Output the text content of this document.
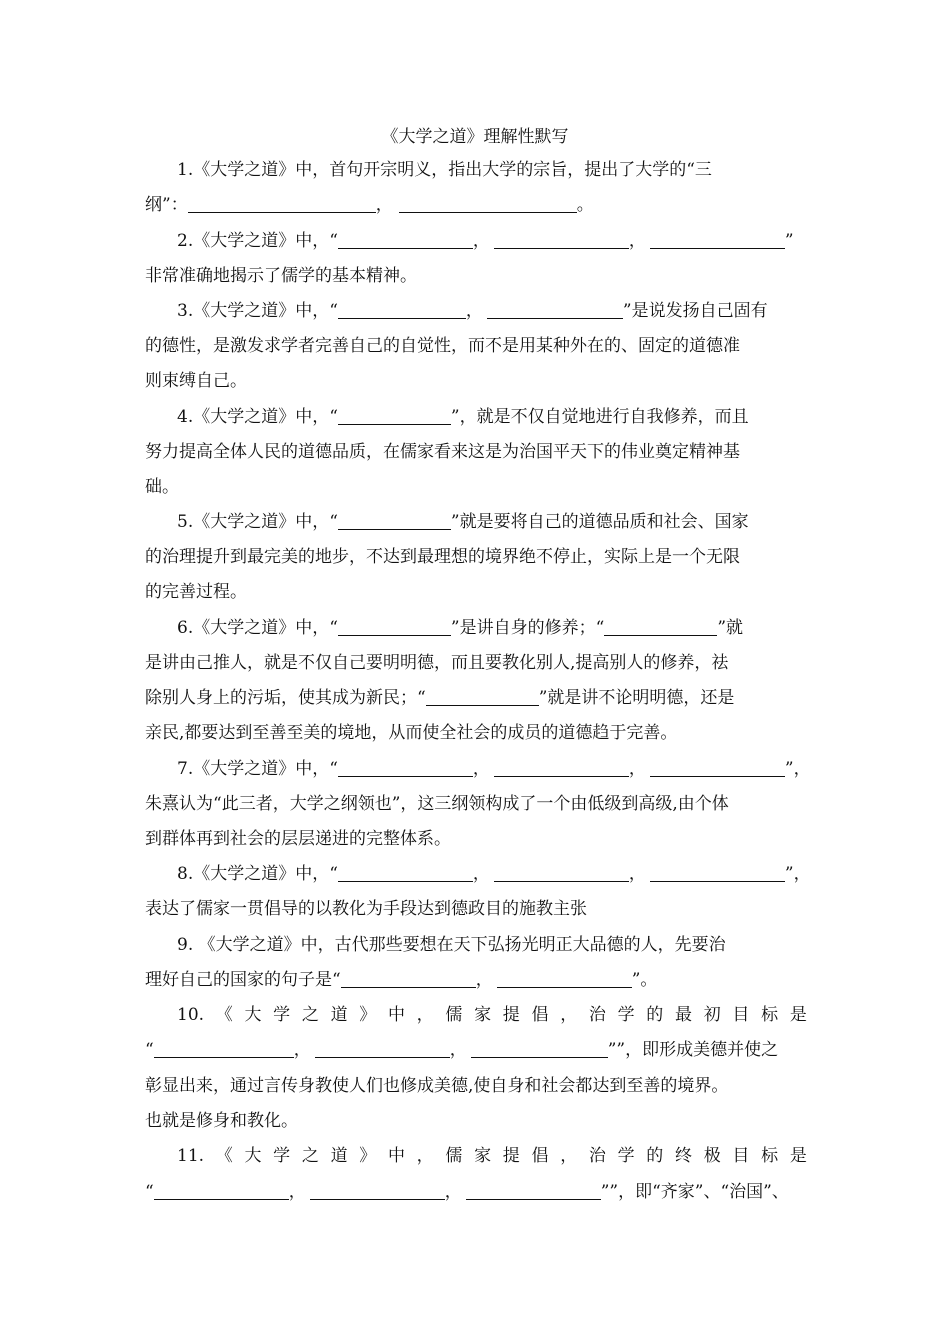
《大学之道》理解性默写
1.《大学之道》中，首句开宗明义，指出大学的宗旨，提出了大学的“三
纲”：	，	。
2.《大学之道》中，“	，	，	”
非常准确地揭示了儒学的基本精神。
3.《大学之道》中，“	，	”是说发扬自己固有
的德性，是激发求学者完善自己的自觉性，而不是用某种外在的、固定的道德准
则束缚自己。
4.《大学之道》中，“	”，就是不仅自觉地进行自我修养，而且
努力提高全体人民的道德品质，在儒家看来这是为治国平天下的伟业奠定精神基
础。
5.《大学之道》中，“	”就是要将自己的道德品质和社会、国家
的治理提升到最完美的地步，不达到最理想的境界绝不停止，实际上是一个无限
的完善过程。
6.《大学之道》中，“	”是讲自身的修养；“	”就
是讲由己推人，就是不仅自己要明明德，而且要教化别人,提高别人的修养，祛
除别人身上的污垢，使其成为新民；“	”就是讲不论明明德，还是
亲民,都要达到至善至美的境地，从而使全社会的成员的道德趋于完善。
7.《大学之道》中，“	，	，	”，
朱熹认为“此三者，大学之纲领也”，这三纲领构成了一个由低级到高级,由个体
到群体再到社会的层层递进的完整体系。
8.《大学之道》中，“	，	，	”，
表达了儒家一贯倡导的以教化为手段达到德政目的施教主张
9. 《大学之道》中，古代那些要想在天下弘扬光明正大品德的人，先要治
理好自己的国家的句子是“	，	”。
10. 《 大 学 之 道 》 中 ， 儒 家 提 倡 ， 治 学 的 最 初 目 标 是
“	，	，	””，即形成美德并使之
彰显出来，通过言传身教使人们也修成美德,使自身和社会都达到至善的境界。
也就是修身和教化。
11. 《 大 学 之 道 》 中 ， 儒 家 提 倡 ， 治 学 的 终 极 目 标 是
“	，	，	””，即“齐家”、“治国”、
